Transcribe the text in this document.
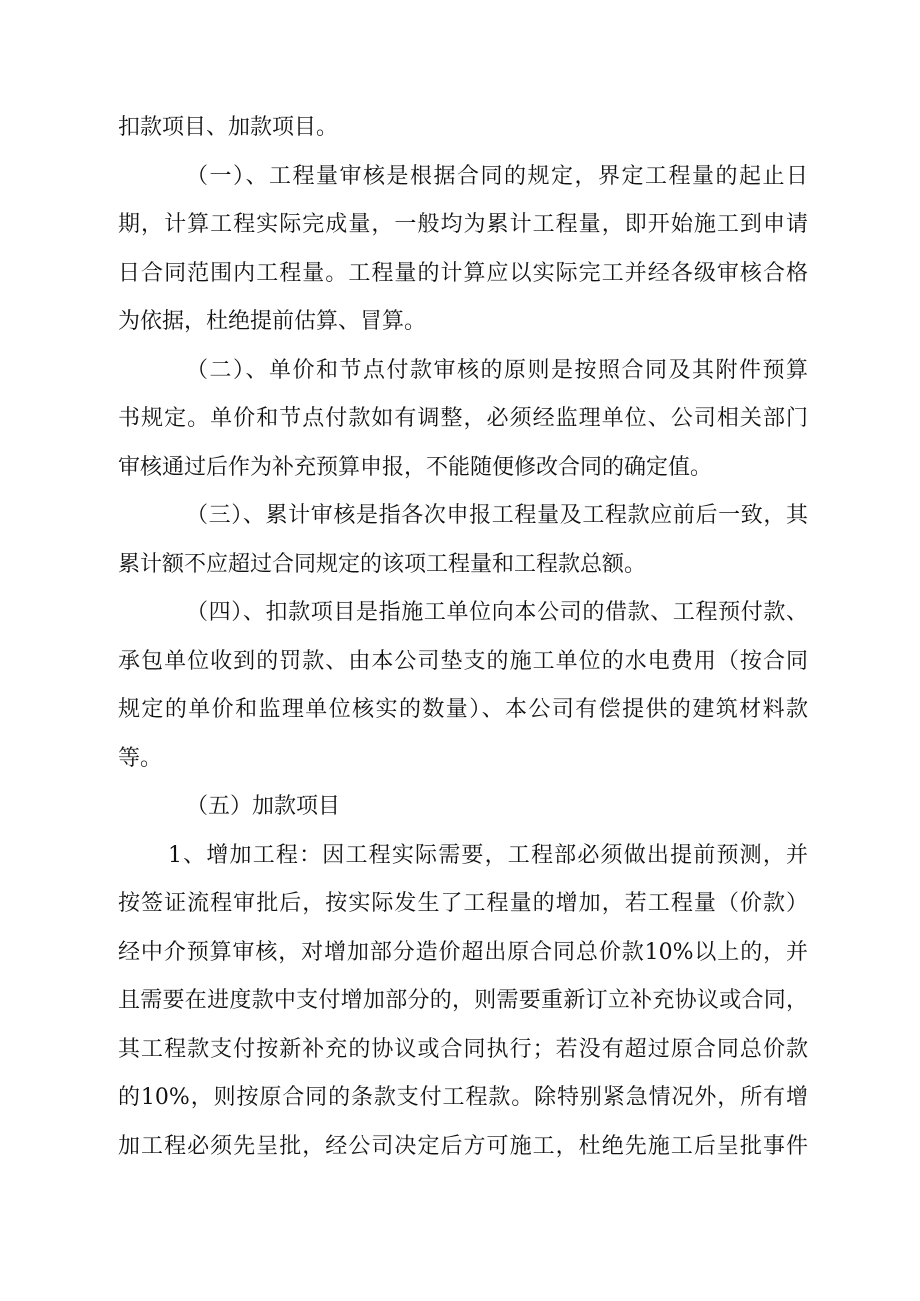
扣款项目、加款项目。
（一）、工程量审核是根据合同的规定，界定工程量的起止日
期，计算工程实际完成量，一般均为累计工程量，即开始施工到申请
日合同范围内工程量。工程量的计算应以实际完工并经各级审核合格
为依据，杜绝提前估算、冒算。
（二）、单价和节点付款审核的原则是按照合同及其附件预算
书规定。单价和节点付款如有调整，必须经监理单位、公司相关部门
审核通过后作为补充预算申报，不能随便修改合同的确定值。
（三）、累计审核是指各次申报工程量及工程款应前后一致，其
累计额不应超过合同规定的该项工程量和工程款总额。
（四）、扣款项目是指施工单位向本公司的借款、工程预付款、
承包单位收到的罚款、由本公司垫支的施工单位的水电费用（按合同
规定的单价和监理单位核实的数量）、本公司有偿提供的建筑材料款
等。
（五）加款项目
1、增加工程：因工程实际需要，工程部必须做出提前预测，并
按签证流程审批后，按实际发生了工程量的增加，若工程量（价款）
经中介预算审核，对增加部分造价超出原合同总价款10%以上的，并
且需要在进度款中支付增加部分的，则需要重新订立补充协议或合同，
其工程款支付按新补充的协议或合同执行；若没有超过原合同总价款
的10%，则按原合同的条款支付工程款。除特别紧急情况外，所有增
加工程必须先呈批，经公司决定后方可施工，杜绝先施工后呈批事件
